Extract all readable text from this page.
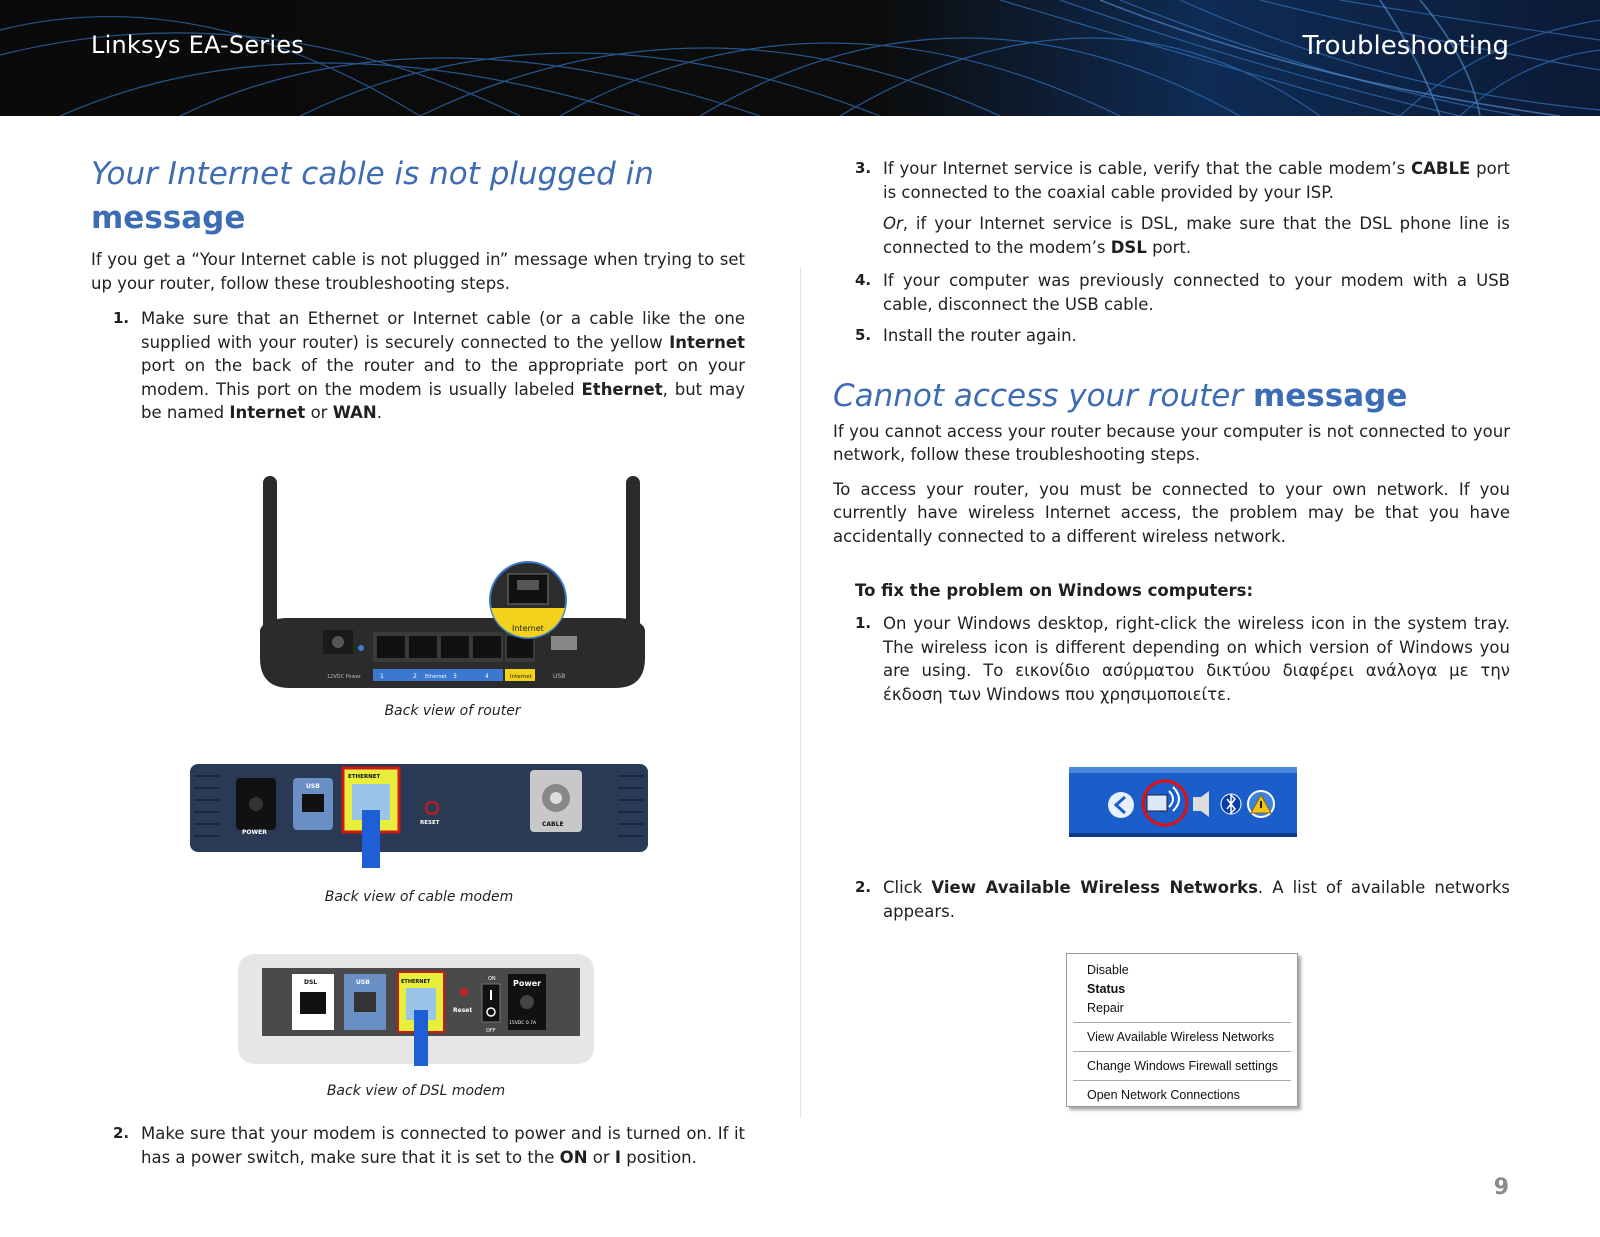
Linksys EA-Series	Troubleshooting
Your Internet cable is not plugged in
message

If you get a “Your Internet cable is not plugged in” message when trying to set up your router, follow these troubleshooting steps.

1. Make sure that an Ethernet or Internet cable (or a cable like the one supplied with your router) is securely connected to the yellow Internet port on the back of the router and to the appropriate port on your modem. This port on the modem is usually labeled Ethernet, but may be named Internet or WAN.
12VDC Power	1	2 Ethernet 3	4	Internet	USB
Internet
Back view of router
POWER
USB
ETHERNET
RESET	CABLE
Back view of cable modem
DSL	USB	ETHERNET
Reset
ON
OFF
Power
15VDC 0.7A
Back view of DSL modem
2. Make sure that your modem is connected to power and is turned on. If it has a power switch, make sure that it is set to the ON or I position.
3. If your Internet service is cable, verify that the cable modem’s CABLE port is connected to the coaxial cable provided by your ISP.
Or, if your Internet service is DSL, make sure that the DSL phone line is connected to the modem’s DSL port.
4. If your computer was previously connected to your modem with a USB cable, disconnect the USB cable.
5. Install the router again.
Cannot access your router message

If you cannot access your router because your computer is not connected to your network, follow these troubleshooting steps.

To access your router, you must be connected to your own network. If you currently have wireless Internet access, the problem may be that you have accidentally connected to a different wireless network.

To fix the problem on Windows computers:
1. On your Windows desktop, right-click the wireless icon in the system tray. The wireless icon is different depending on which version of Windows you are using. Το εικονίδιο ασύρματου δικτύου διαφέρει ανάλογα με την έκδοση των Windows που χρησιμοποιείτε.
2. Click View Available Wireless Networks. A list of available networks appears.
Disable
Status
Repair
View Available Wireless Networks
Change Windows Firewall settings
Open Network Connections
9
